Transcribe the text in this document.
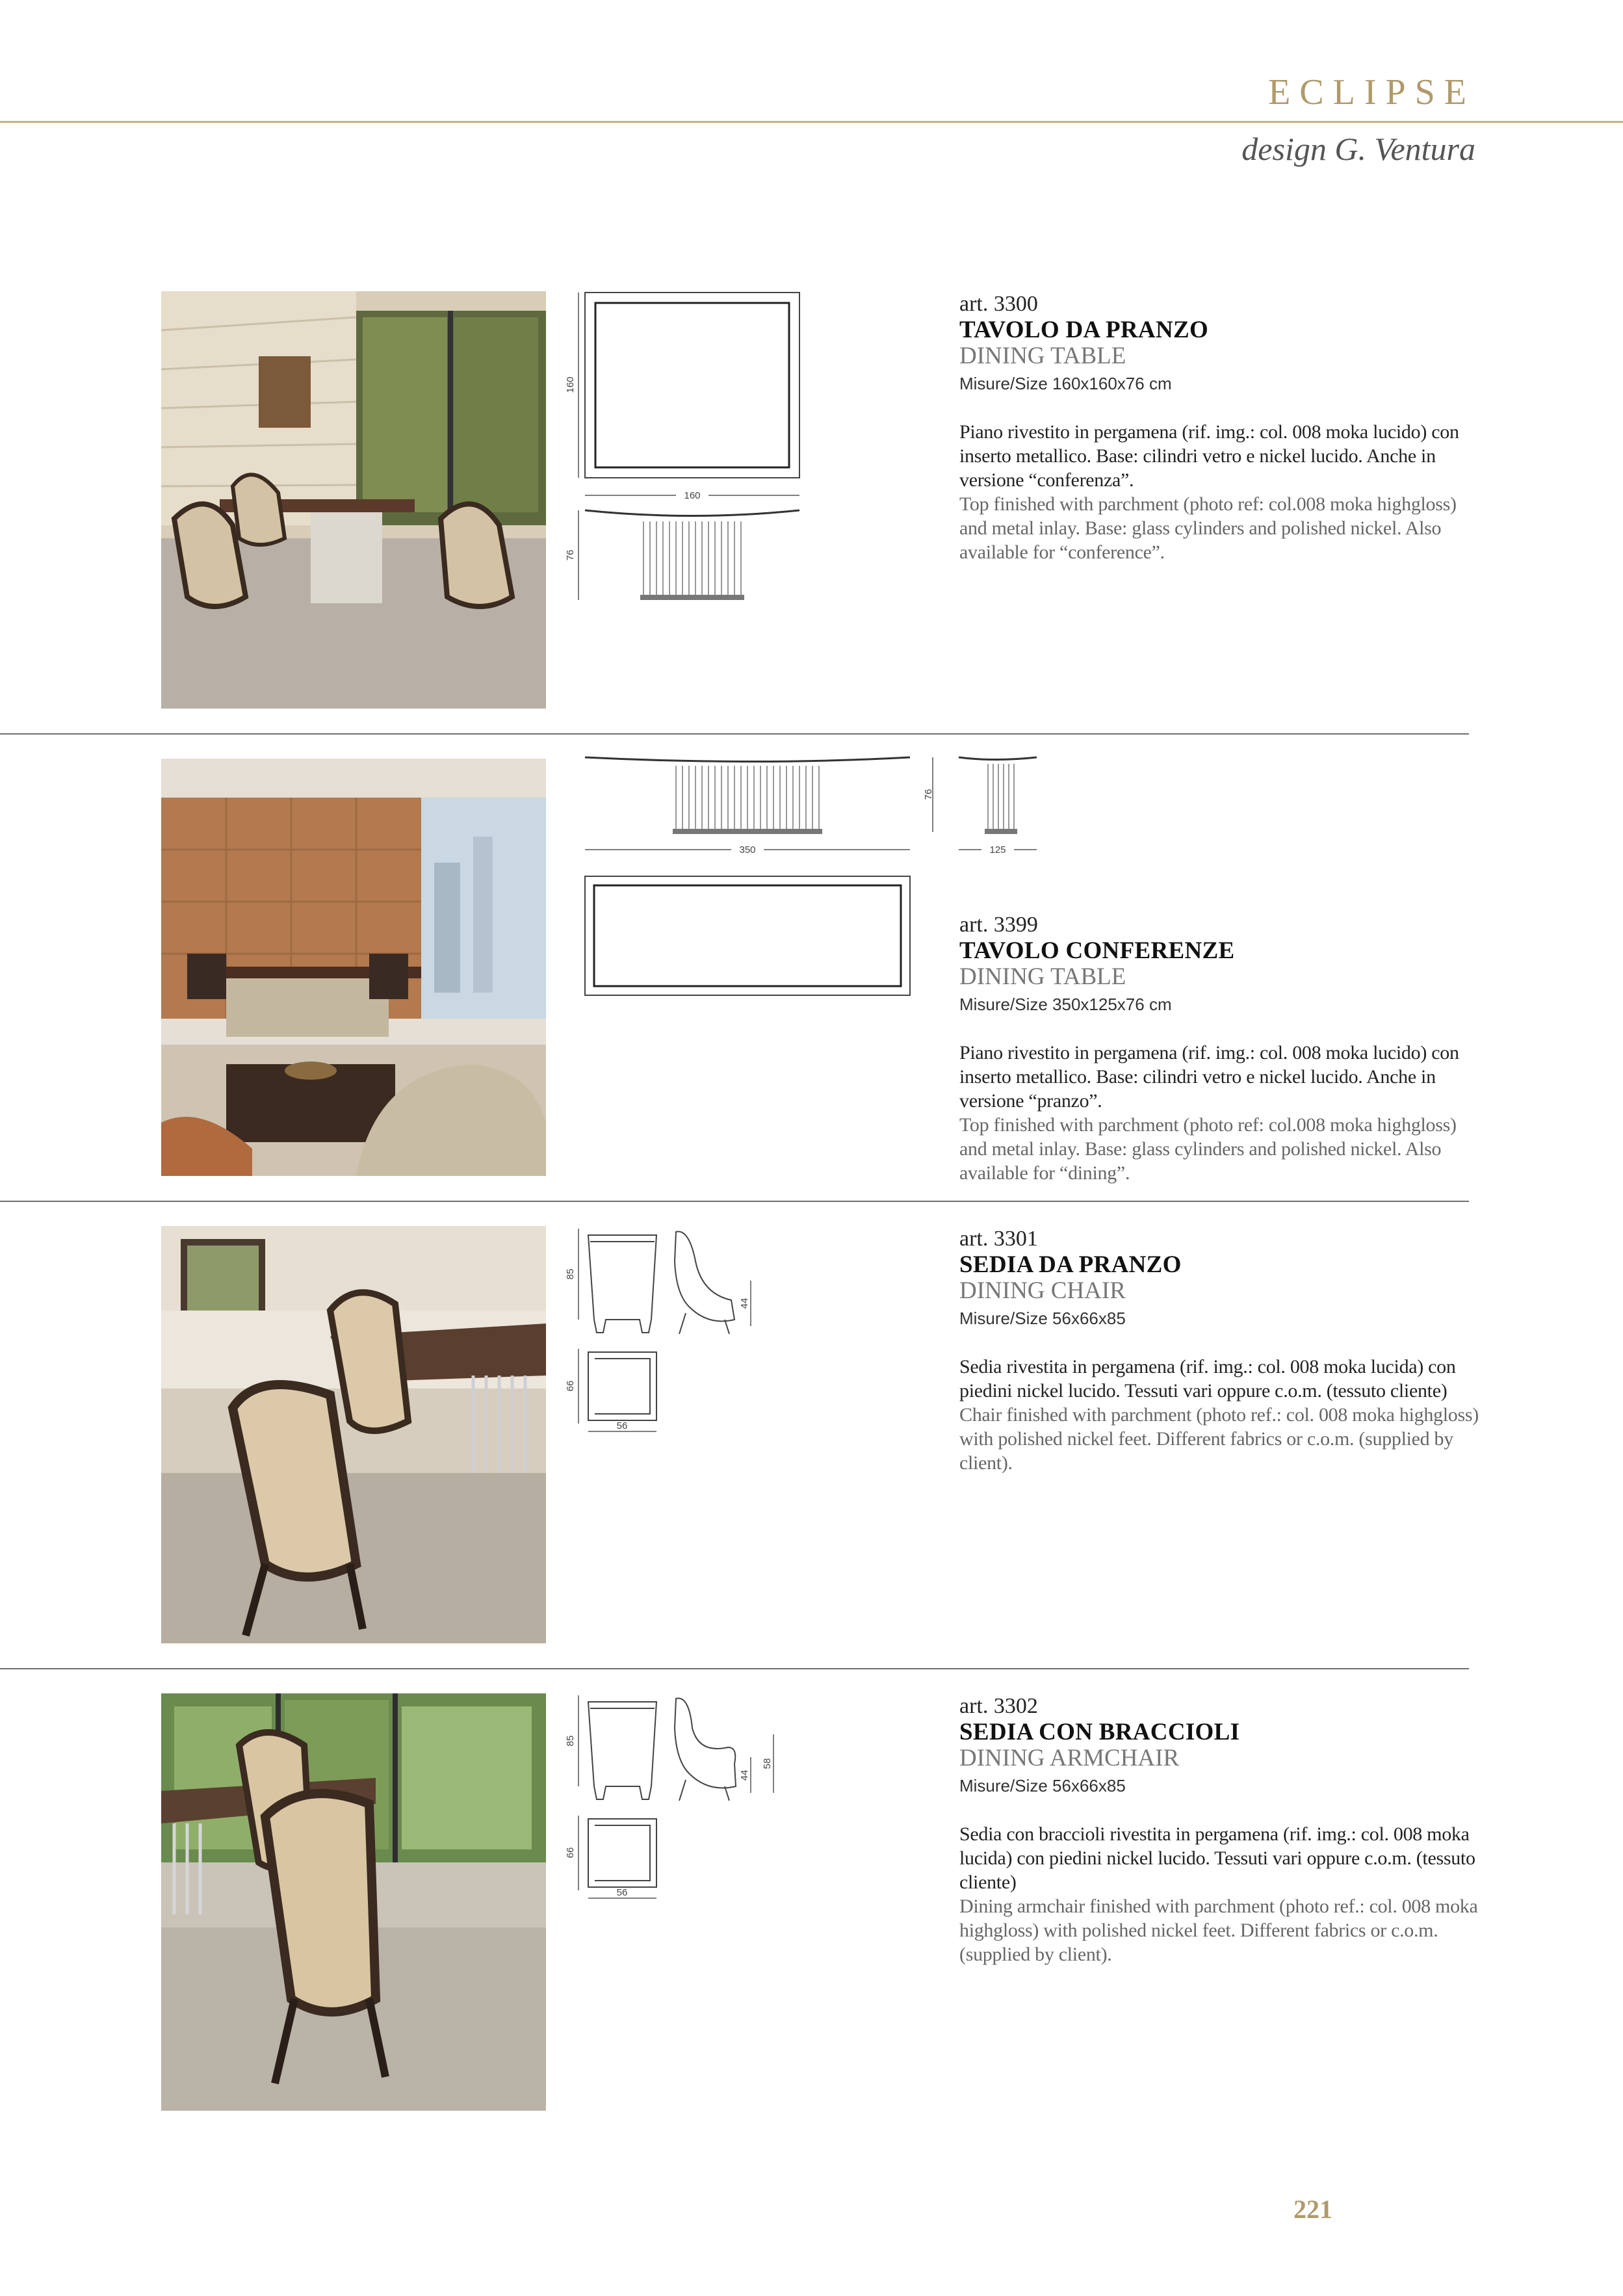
ECLIPSE
design G. Ventura
160
160
76
art. 3300
TAVOLO DA PRANZO
DINING TABLE
Misure/Size 160x160x76 cm
Piano rivestito in pergamena (rif. img.: col. 008 moka lucido) con inserto metallico. Base: cilindri vetro e nickel lucido. Anche in versione “conferenza”.
Top finished with parchment (photo ref: col.008 moka highgloss) and metal inlay. Base: glass cylinders and polished nickel. Also available for “conference”.
350
76
125
art. 3399
TAVOLO CONFERENZE
DINING TABLE
Misure/Size 350x125x76 cm
Piano rivestito in pergamena (rif. img.: col. 008 moka lucido) con inserto metallico. Base: cilindri vetro e nickel lucido. Anche in versione “pranzo”.
Top finished with parchment (photo ref: col.008 moka highgloss) and metal inlay. Base: glass cylinders and polished nickel. Also available for “dining”.
85
44
66
56
art. 3301
SEDIA DA PRANZO
DINING CHAIR
Misure/Size 56x66x85
Sedia rivestita in pergamena (rif. img.: col. 008 moka lucida) con piedini nickel lucido. Tessuti vari oppure c.o.m. (tessuto cliente)
Chair finished with parchment (photo ref.: col. 008 moka highgloss) with polished nickel feet. Different fabrics or c.o.m. (supplied by client).
85
44
58
66
56
art. 3302
SEDIA CON BRACCIOLI
DINING ARMCHAIR
Misure/Size 56x66x85
Sedia con braccioli rivestita in pergamena (rif. img.: col. 008 moka lucida) con piedini nickel lucido. Tessuti vari oppure c.o.m. (tessuto cliente)
Dining armchair finished with parchment (photo ref.: col. 008 moka highgloss) with polished nickel feet. Different fabrics or c.o.m. (supplied by client).
221
